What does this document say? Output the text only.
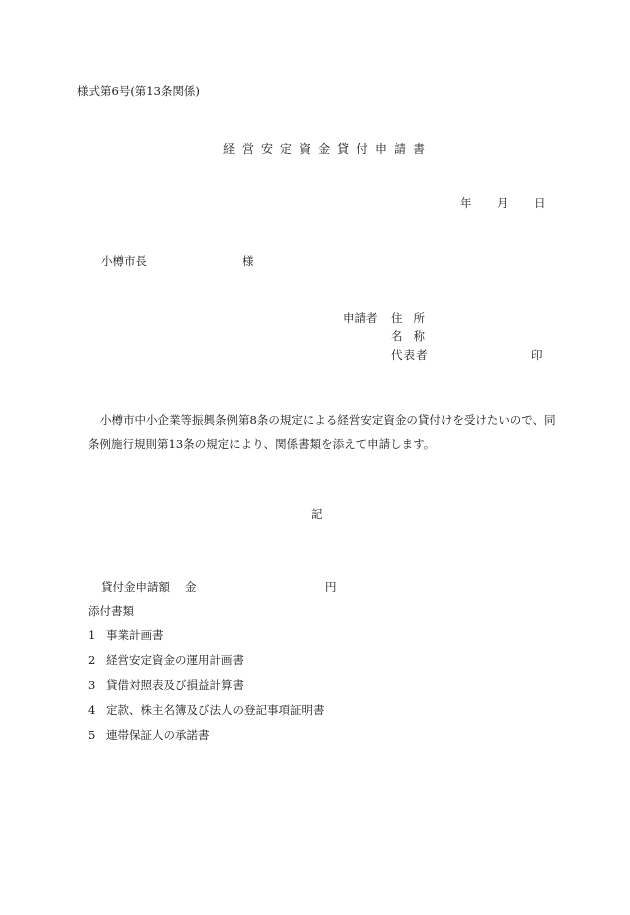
様式第6号(第13条関係)
経営安定資金貸付申請書
年 月 日
小樽市長	様
申請者 住所
名称
代表者	印
小樽市中小企業等振興条例第8条の規定による経営安定資金の貸付けを受けたいので、同条例施行規則第13条の規定により、関係書類を添えて申請します。
記
貸付金申請額 金	円
添付書類
1 事業計画書
2 経営安定資金の運用計画書
3 貸借対照表及び損益計算書
4 定款、株主名簿及び法人の登記事項証明書
5 連帯保証人の承諾書
